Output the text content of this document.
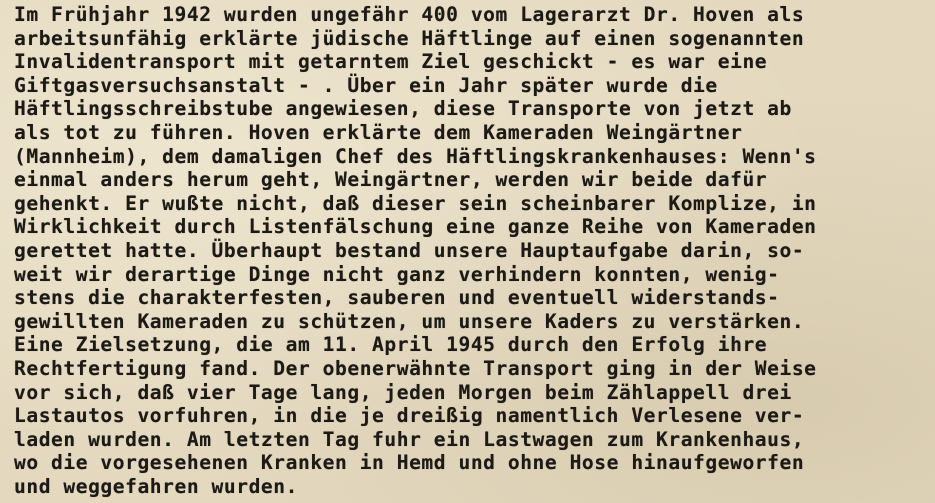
Im Frühjahr 1942 wurden ungefähr 400 vom Lagerarzt Dr. Hoven als
arbeitsunfähig erklärte jüdische Häftlinge auf einen sogenannten
Invalidentransport mit getarntem Ziel geschickt - es war eine
Giftgasversuchsanstalt - . Über ein Jahr später wurde die
Häftlingsschreibstube angewiesen, diese Transporte von jetzt ab
als tot zu führen. Hoven erklärte dem Kameraden Weingärtner
(Mannheim), dem damaligen Chef des Häftlingskrankenhauses: Wenn's
einmal anders herum geht, Weingärtner, werden wir beide dafür
gehenkt. Er wußte nicht, daß dieser sein scheinbarer Komplize, in
Wirklichkeit durch Listenfälschung eine ganze Reihe von Kameraden
gerettet hatte. Überhaupt bestand unsere Hauptaufgabe darin, so-
weit wir derartige Dinge nicht ganz verhindern konnten, wenig-
stens die charakterfesten, sauberen und eventuell widerstands-
gewillten Kameraden zu schützen, um unsere Kaders zu verstärken.
Eine Zielsetzung, die am 11. April 1945 durch den Erfolg ihre
Rechtfertigung fand. Der obenerwähnte Transport ging in der Weise
vor sich, daß vier Tage lang, jeden Morgen beim Zählappell drei
Lastautos vorfuhren, in die je dreißig namentlich Verlesene ver-
laden wurden. Am letzten Tag fuhr ein Lastwagen zum Krankenhaus,
wo die vorgesehenen Kranken in Hemd und ohne Hose hinaufgeworfen
und weggefahren wurden.
